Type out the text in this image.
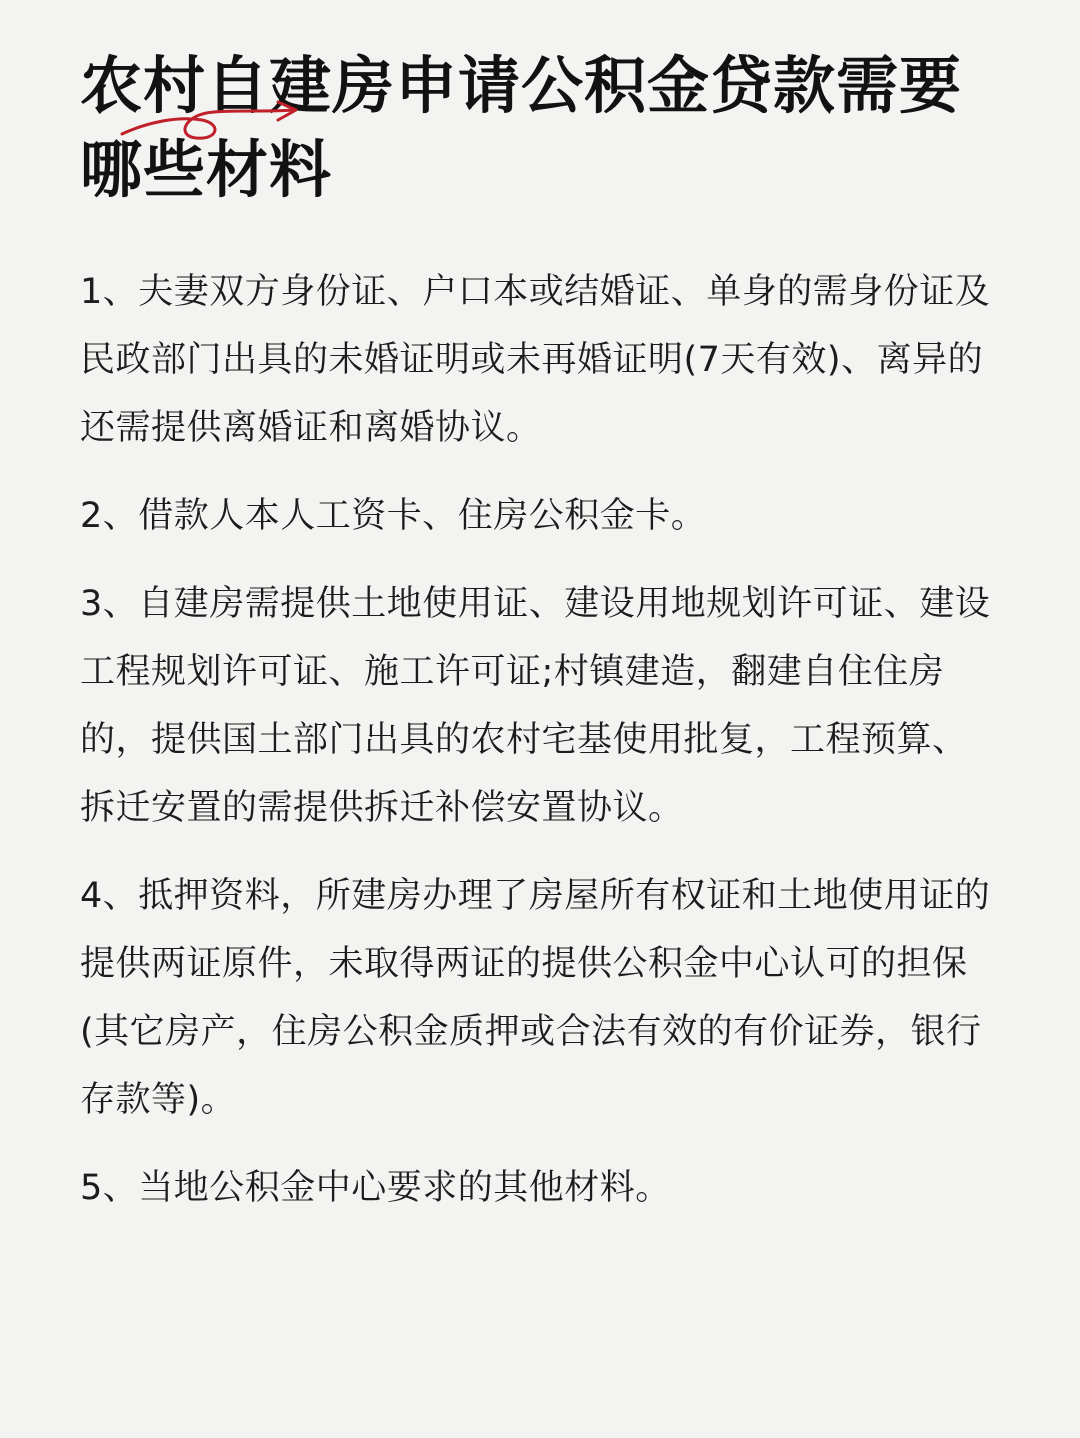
农村自建房申请公积金贷款需要哪些材料
1、夫妻双方身份证、户口本或结婚证、单身的需身份证及民政部门出具的未婚证明或未再婚证明(7天有效)、离异的还需提供离婚证和离婚协议。
2、借款人本人工资卡、住房公积金卡。
3、自建房需提供土地使用证、建设用地规划许可证、建设工程规划许可证、施工许可证;村镇建造，翻建自住住房的，提供国土部门出具的农村宅基使用批复，工程预算、拆迁安置的需提供拆迁补偿安置协议。
4、抵押资料，所建房办理了房屋所有权证和土地使用证的提供两证原件，未取得两证的提供公积金中心认可的担保(其它房产，住房公积金质押或合法有效的有价证券，银行存款等)。
5、当地公积金中心要求的其他材料。
